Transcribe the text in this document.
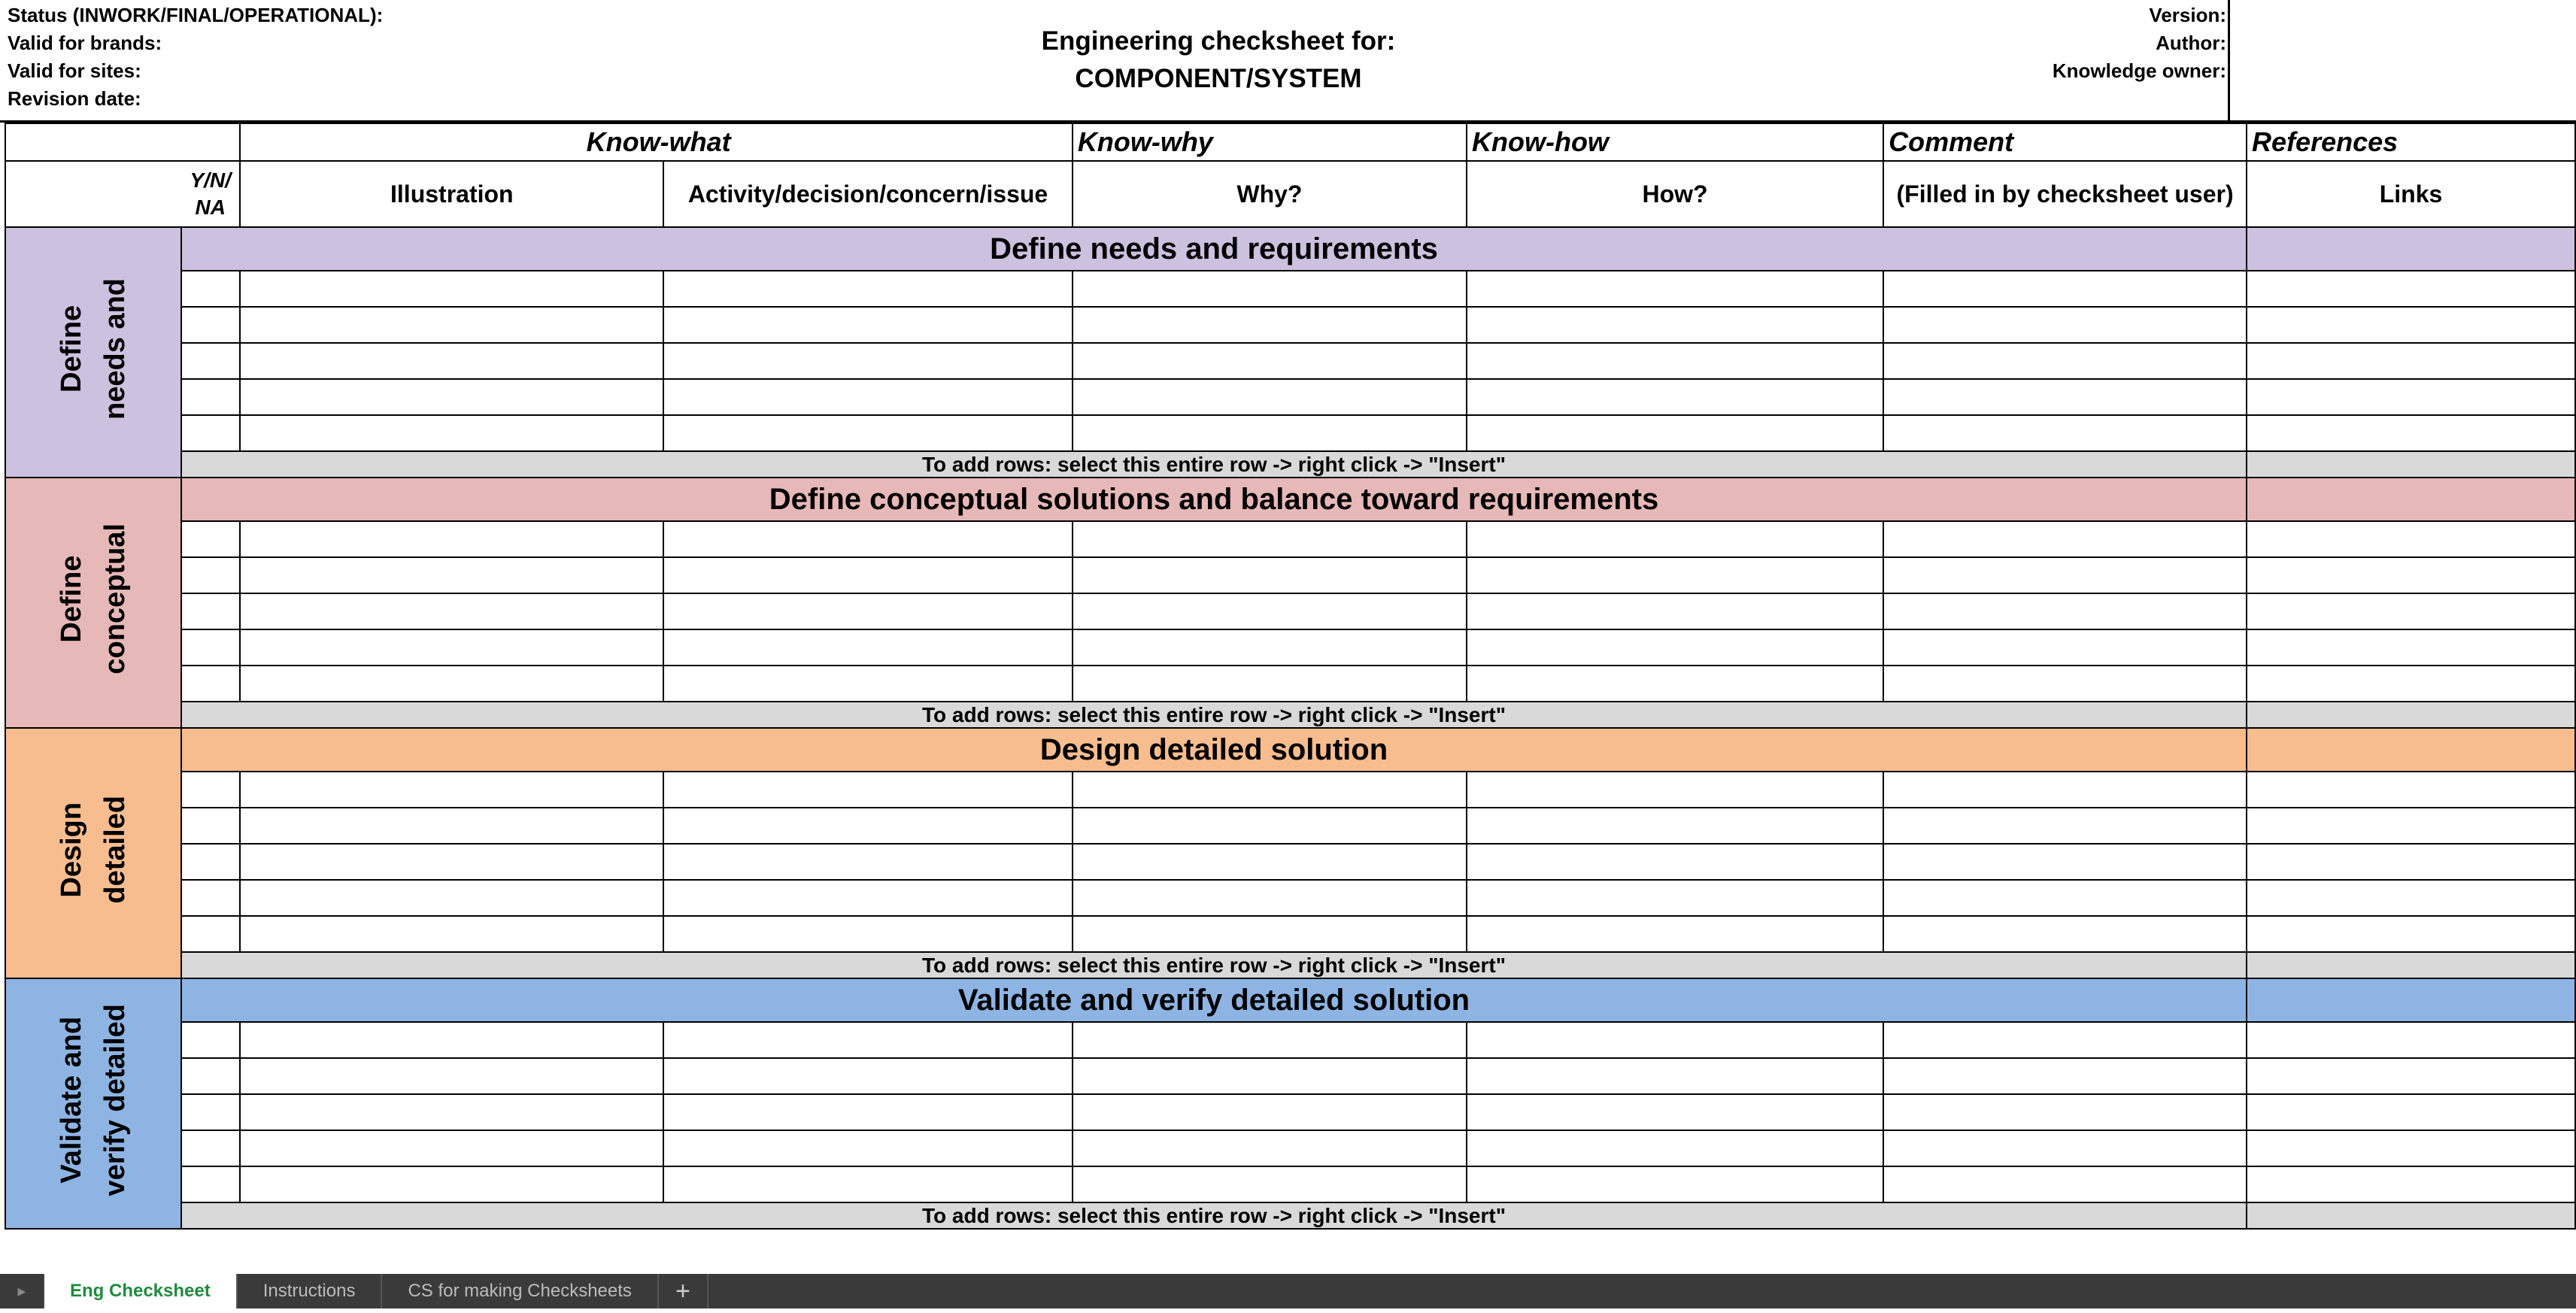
Status (INWORK/FINAL/OPERATIONAL):
Valid for brands:
Valid for sites:
Revision date:
Engineering checksheet for:
COMPONENT/SYSTEM
Version:
Author:
Knowledge owner:
		Know-what		Know-why	Know-how	Comment	References
	Y/N/ NA	Illustration	Activity/decision/concern/issue	Why?	How?	(Filled in by checksheet user)	Links
Define
needs and	Define needs and requirements						

	To add rows: select this entire row -> right click -> "Insert"						
Define
conceptual	Define conceptual solutions and balance toward requirements						

	To add rows: select this entire row -> right click -> "Insert"						
Design
detailed	Design detailed solution						

	To add rows: select this entire row -> right click -> "Insert"						
Validate and
verify detailed	Validate and verify detailed solution						

	To add rows: select this entire row -> right click -> "Insert"						
▸	Eng Checksheet	Instructions	CS for making Checksheets	+
